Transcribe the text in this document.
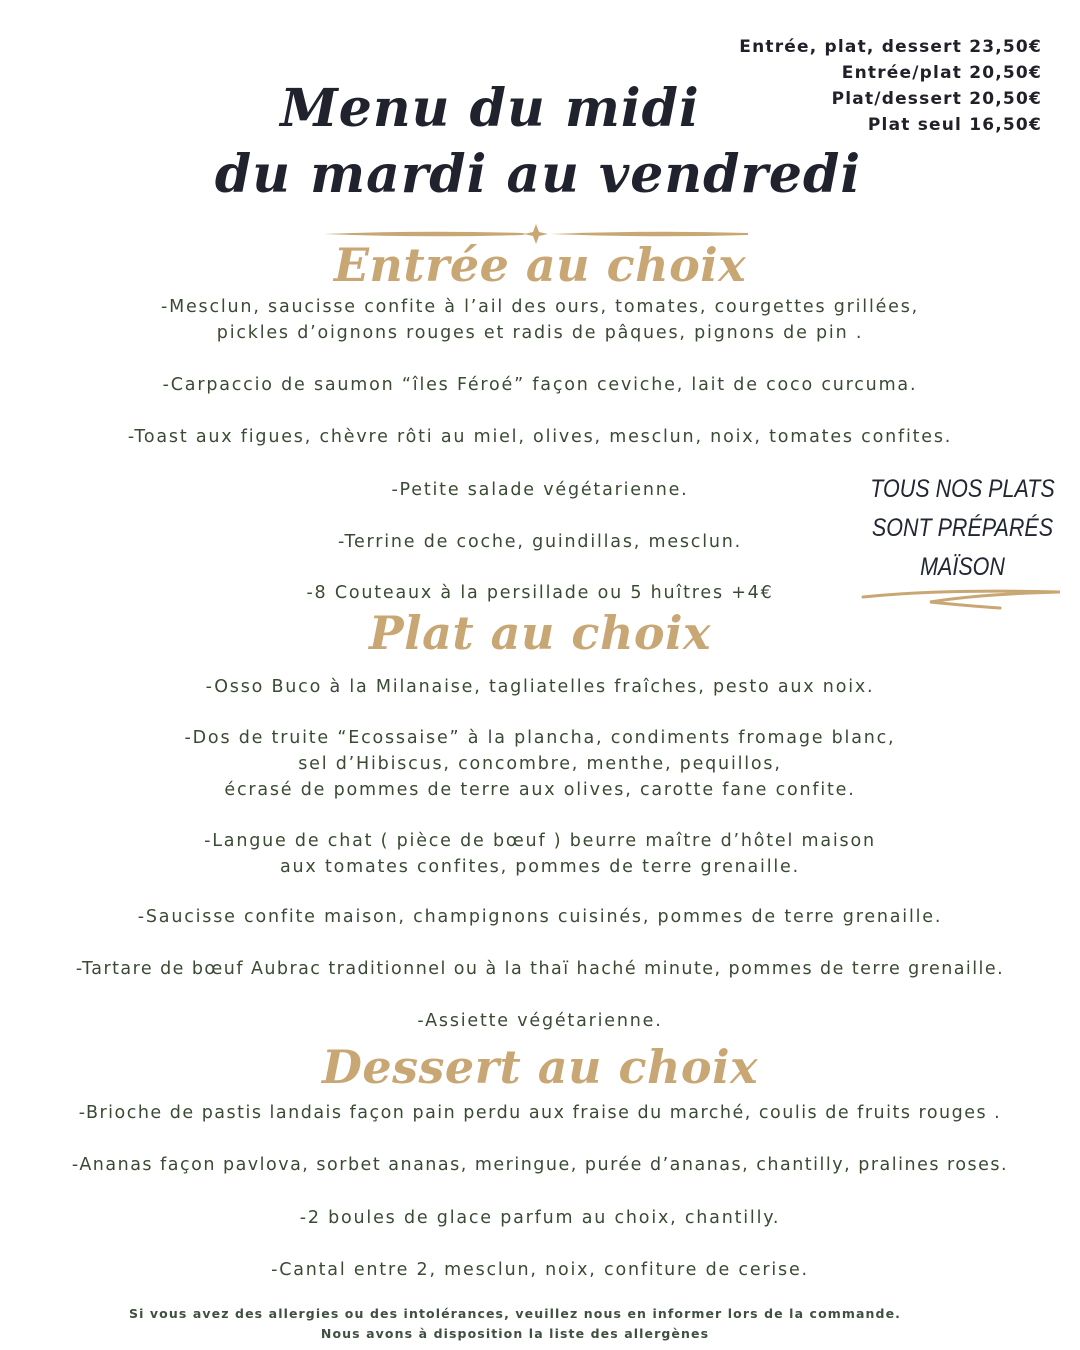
Entrée, plat, dessert 23,50€
Entrée/plat 20,50€
Plat/dessert 20,50€
Plat seul 16,50€
Menu du midi
du mardi au vendredi
Entrée au choix
-Mesclun, saucisse confite à l’ail des ours, tomates, courgettes grillées,
pickles d’oignons rouges et radis de pâques, pignons de pin .
-Carpaccio de saumon “îles Féroé” façon ceviche, lait de coco curcuma.
-Toast aux figues, chèvre rôti au miel, olives, mesclun, noix, tomates confites.
-Petite salade végétarienne.
-Terrine de coche, guindillas, mesclun.
-8 Couteaux à la persillade ou 5 huîtres +4€
TOUS NOS PLATS
SONT PRÉPARÉS
MAÏSON
Plat au choix
-Osso Buco à la Milanaise, tagliatelles fraîches, pesto aux noix.
-Dos de truite “Ecossaise” à la plancha, condiments fromage blanc,
sel d’Hibiscus, concombre, menthe, pequillos,
écrasé de pommes de terre aux olives, carotte fane confite.
-Langue de chat ( pièce de bœuf ) beurre maître d’hôtel maison
aux tomates confites, pommes de terre grenaille.
-Saucisse confite maison, champignons cuisinés, pommes de terre grenaille.
-Tartare de bœuf Aubrac traditionnel ou à la thaï haché minute, pommes de terre grenaille.
-Assiette végétarienne.
Dessert au choix
-Brioche de pastis landais façon pain perdu aux fraise du marché, coulis de fruits rouges .
-Ananas façon pavlova, sorbet ananas, meringue, purée d’ananas, chantilly, pralines roses.
-2 boules de glace parfum au choix, chantilly.
-Cantal entre 2, mesclun, noix, confiture de cerise.
Si vous avez des allergies ou des intolérances, veuillez nous en informer lors de la commande.
Nous avons à disposition la liste des allergènes
